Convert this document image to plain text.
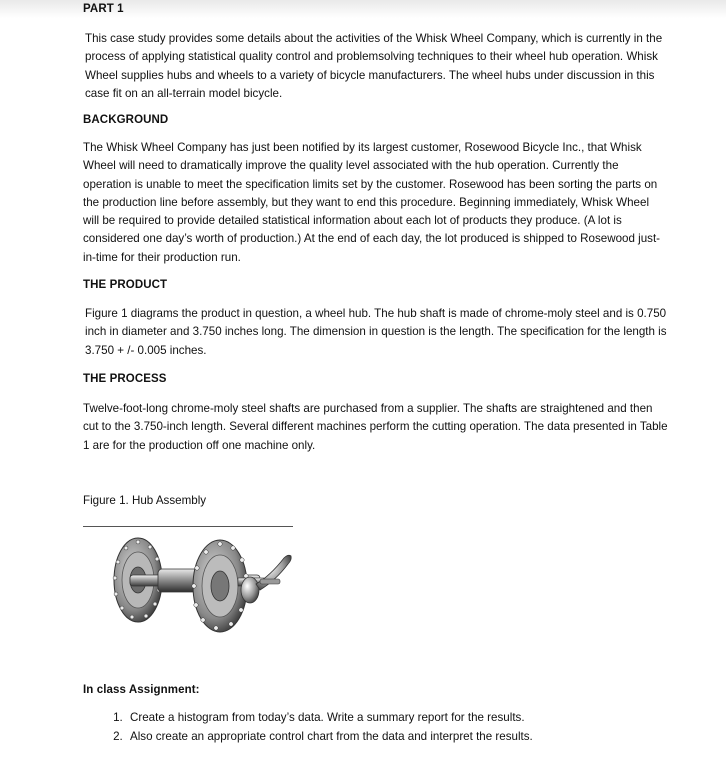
PART 1
This case study provides some details about the activities of the Whisk Wheel Company, which is currently in the process of applying statistical quality control and problemsolving techniques to their wheel hub operation. Whisk Wheel supplies hubs and wheels to a variety of bicycle manufacturers. The wheel hubs under discussion in this case fit on an all-terrain model bicycle.
BACKGROUND
The Whisk Wheel Company has just been notified by its largest customer, Rosewood Bicycle Inc., that Whisk Wheel will need to dramatically improve the quality level associated with the hub operation. Currently the operation is unable to meet the specification limits set by the customer. Rosewood has been sorting the parts on the production line before assembly, but they want to end this procedure. Beginning immediately, Whisk Wheel will be required to provide detailed statistical information about each lot of products they produce. (A lot is considered one day’s worth of production.) At the end of each day, the lot produced is shipped to Rosewood just-in-time for their production run.
THE PRODUCT
Figure 1 diagrams the product in question, a wheel hub. The hub shaft is made of chrome-moly steel and is 0.750 inch in diameter and 3.750 inches long. The dimension in question is the length. The specification for the length is 3.750 + /- 0.005 inches.
THE PROCESS
Twelve-foot-long chrome-moly steel shafts are purchased from a supplier. The shafts are straightened and then cut to the 3.750-inch length. Several different machines perform the cutting operation. The data presented in Table 1 are for the production off one machine only.
Figure 1. Hub Assembly
In class Assignment:
1. Create a histogram from today’s data. Write a summary report for the results.
2. Also create an appropriate control chart from the data and interpret the results.
